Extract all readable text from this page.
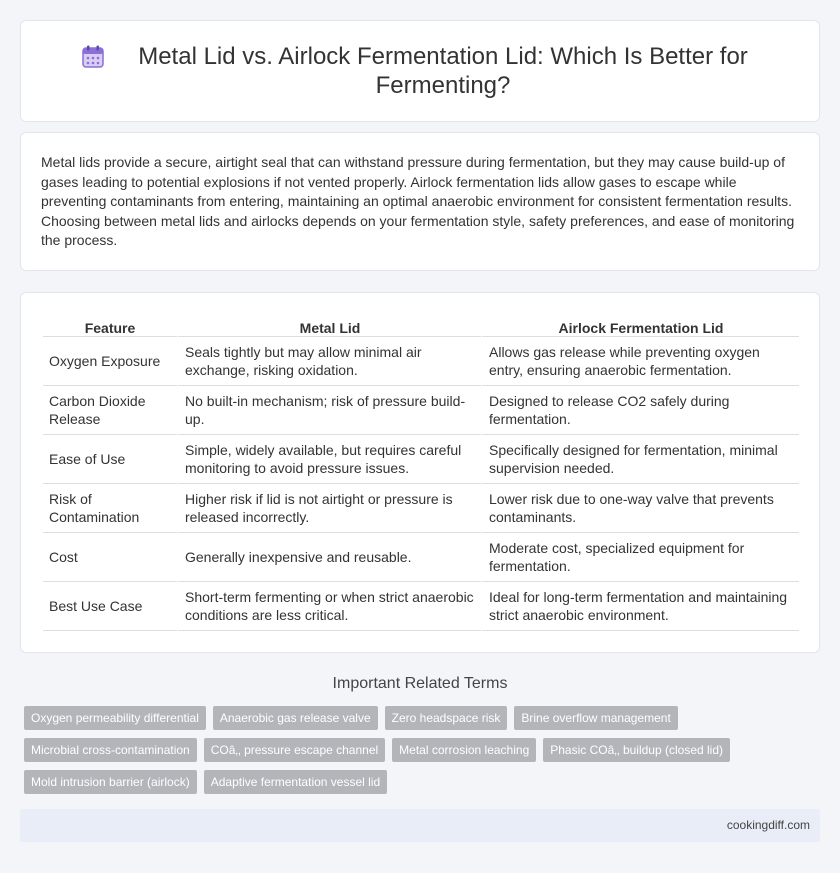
Metal Lid vs. Airlock Fermentation Lid: Which Is Better for Fermenting?

Metal lids provide a secure, airtight seal that can withstand pressure during fermentation, but they may cause build-up of gases leading to potential explosions if not vented properly. Airlock fermentation lids allow gases to escape while preventing contaminants from entering, maintaining an optimal anaerobic environment for consistent fermentation results. Choosing between metal lids and airlocks depends on your fermentation style, safety preferences, and ease of monitoring the process.

Feature	Metal Lid	Airlock Fermentation Lid
Oxygen Exposure	Seals tightly but may allow minimal air exchange, risking oxidation.	Allows gas release while preventing oxygen entry, ensuring anaerobic fermentation.
Carbon Dioxide Release	No built-in mechanism; risk of pressure build-up.	Designed to release CO2 safely during fermentation.
Ease of Use	Simple, widely available, but requires careful monitoring to avoid pressure issues.	Specifically designed for fermentation, minimal supervision needed.
Risk of Contamination	Higher risk if lid is not airtight or pressure is released incorrectly.	Lower risk due to one-way valve that prevents contaminants.
Cost	Generally inexpensive and reusable.	Moderate cost, specialized equipment for fermentation.
Best Use Case	Short-term fermenting or when strict anaerobic conditions are less critical.	Ideal for long-term fermentation and maintaining strict anaerobic environment.
Important Related Terms
Oxygen permeability differential	Anaerobic gas release valve	Zero headspace risk	Brine overflow management
Microbial cross-contamination	COâ‚‚ pressure escape channel	Metal corrosion leaching	Phasic COâ‚‚ buildup (closed lid)
Mold intrusion barrier (airlock)	Adaptive fermentation vessel lid
cookingdiff.com
